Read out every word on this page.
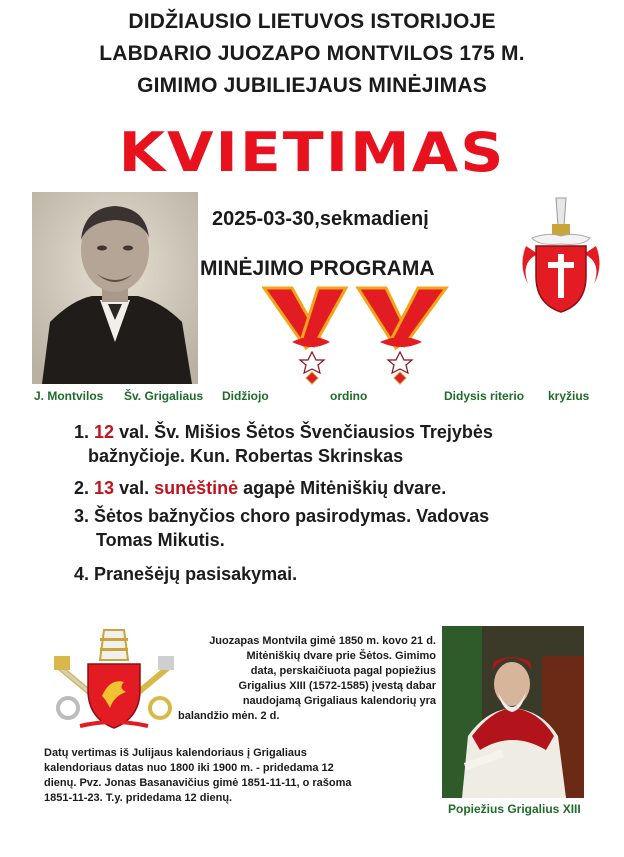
DIDŽIAUSIO LIETUVOS ISTORIJOJE
LABDARIO JUOZAPO MONTVILOS 175 M.
GIMIMO JUBILIEJAUS MINĖJIMAS
KVIETIMAS
2025-03-30,sekmadienį
MINĖJIMO PROGRAMA
J. Montvilos Šv. Grigaliaus Didžiojo	ordino	Didysis riterio kryžius
1. 12 val. Šv. Mišios Šėtos Švenčiausios Trejybės
bažnyčioje. Kun. Robertas Skrinskas
2. 13 val. sunėštinė agapė Mitėniškių dvare.
3. Šėtos bažnyčios choro pasirodymas. Vadovas
Tomas Mikutis.
4. Pranešėjų pasisakymai.
Juozapas Montvila gimė 1850 m. kovo 21 d.
Mitėniškių dvare prie Šėtos. Gimimo
data, perskaičiuota pagal popiežius
Grigalius XIII (1572-1585) įvestą dabar
naudojamą Grigaliaus kalendorių yra
balandžio mėn. 2 d.
Datų vertimas iš Julijaus kalendoriaus į Grigaliaus
kalendoriaus datas nuo 1800 iki 1900 m. - pridedama 12
dienų. Pvz. Jonas Basanavičius gimė 1851-11-11, o rašoma
1851-11-23. T.y. pridedama 12 dienų.
Popiežius Grigalius XIII
